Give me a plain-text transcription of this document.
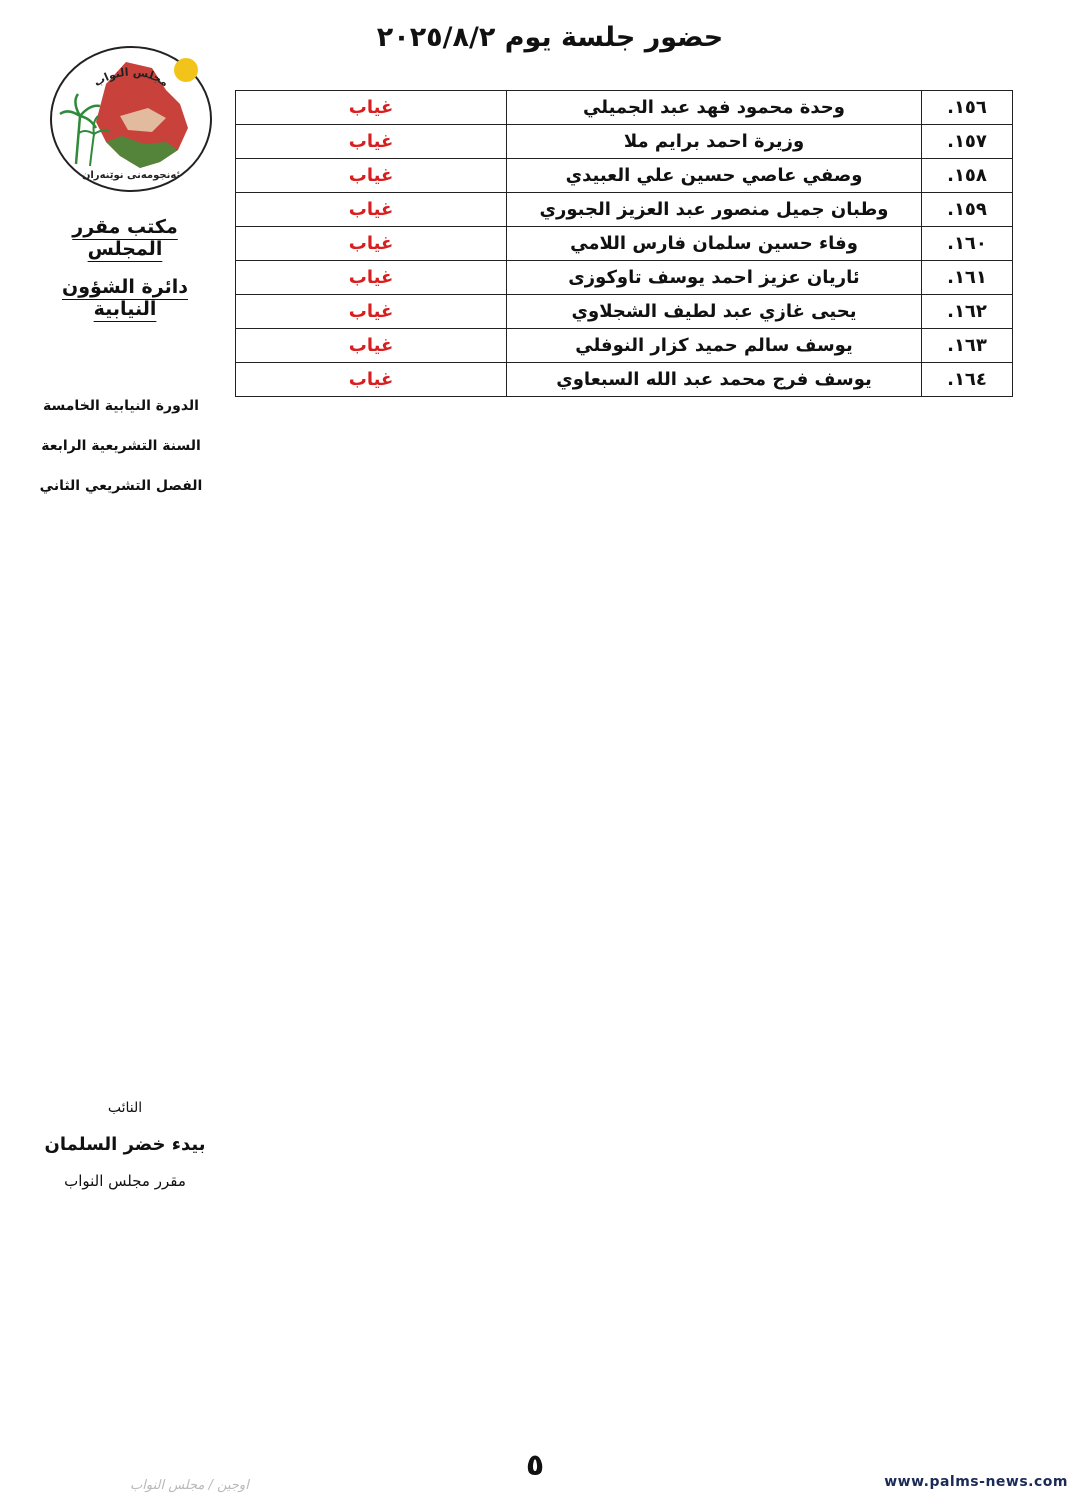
حضور جلسة يوم ٢٠٢٥/٨/٢
مجلس النواب
ئەنجومەنی نوێنەران
مكتب مقرر المجلس
دائرة الشؤون النيابية
الدورة النيابية الخامسة
السنة التشريعية الرابعة
الفصل التشريعي الثاني
١٥٦.	وحدة محمود فهد عبد الجميلي	غياب
١٥٧.	وزيرة احمد برايم ملا	غياب
١٥٨.	وصفي عاصي حسين علي العبيدي	غياب
١٥٩.	وطبان جميل منصور عبد العزيز الجبوري	غياب
١٦٠.	وفاء حسين سلمان فارس اللامي	غياب
١٦١.	ئاريان عزيز احمد يوسف تاوكوزى	غياب
١٦٢.	يحيى غازي عبد لطيف الشجلاوي	غياب
١٦٣.	يوسف سالم حميد كزار النوفلي	غياب
١٦٤.	يوسف فرج محمد عبد الله السبعاوي	غياب
النائب
بيدء خضر السلمان
مقرر مجلس النواب
٥
اوجين / مجلس النواب	www.palms-news.com
